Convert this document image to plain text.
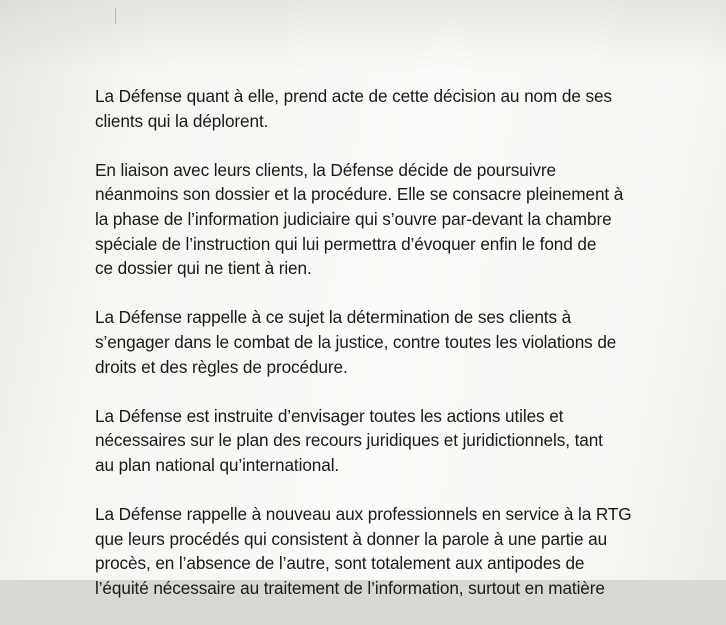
La Défense quant à elle, prend acte de cette décision au nom de ses
clients qui la déplorent.

En liaison avec leurs clients, la Défense décide de poursuivre
néanmoins son dossier et la procédure. Elle se consacre pleinement à
la phase de l’information judiciaire qui s’ouvre par-devant la chambre
spéciale de l’instruction qui lui permettra d’évoquer enfin le fond de
ce dossier qui ne tient à rien.

La Défense rappelle à ce sujet la détermination de ses clients à
s’engager dans le combat de la justice, contre toutes les violations de
droits et des règles de procédure.

La Défense est instruite d’envisager toutes les actions utiles et
nécessaires sur le plan des recours juridiques et juridictionnels, tant
au plan national qu’international.

La Défense rappelle à nouveau aux professionnels en service à la RTG
que leurs procédés qui consistent à donner la parole à une partie au
procès, en l’absence de l’autre, sont totalement aux antipodes de
l’équité nécessaire au traitement de l’information, surtout en matière
